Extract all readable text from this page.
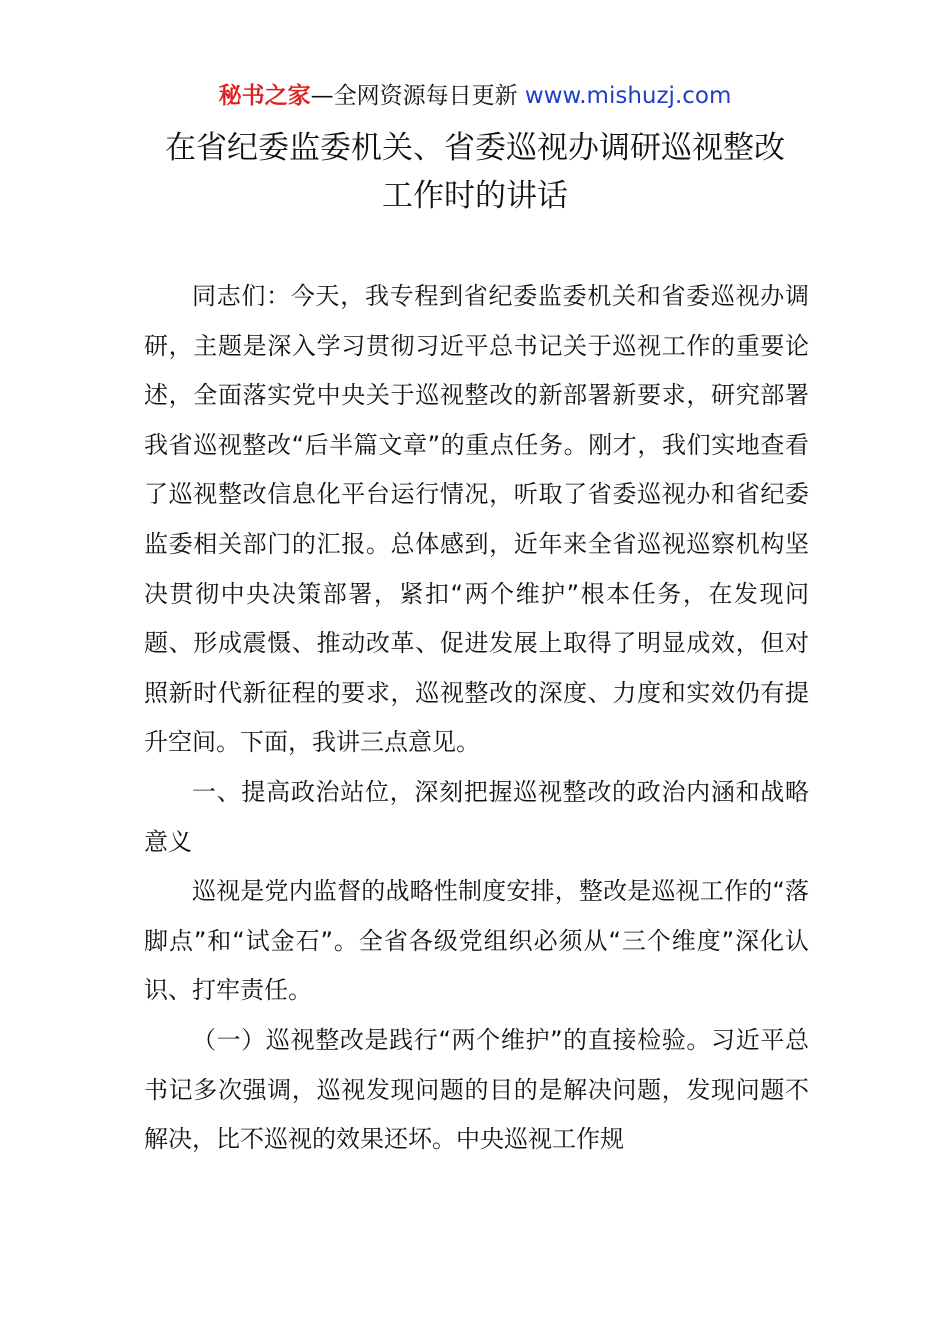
秘书之家—全网资源每日更新 www.mishuzj.com
在省纪委监委机关、省委巡视办调研巡视整改
工作时的讲话

同志们：今天，我专程到省纪委监委机关和省委巡视办调研，主题是深入学习贯彻习近平总书记关于巡视工作的重要论述，全面落实党中央关于巡视整改的新部署新要求，研究部署我省巡视整改“后半篇文章”的重点任务。刚才，我们实地查看了巡视整改信息化平台运行情况，听取了省委巡视办和省纪委监委相关部门的汇报。总体感到，近年来全省巡视巡察机构坚决贯彻中央决策部署，紧扣“两个维护”根本任务，在发现问题、形成震慑、推动改革、促进发展上取得了明显成效，但对照新时代新征程的要求，巡视整改的深度、力度和实效仍有提升空间。下面，我讲三点意见。

一、提高政治站位，深刻把握巡视整改的政治内涵和战略意义

巡视是党内监督的战略性制度安排，整改是巡视工作的“落脚点”和“试金石”。全省各级党组织必须从“三个维度”深化认识、打牢责任。

（一）巡视整改是践行“两个维护”的直接检验。习近平总书记多次强调，巡视发现问题的目的是解决问题，发现问题不解决，比不巡视的效果还坏。中央巡视工作规
